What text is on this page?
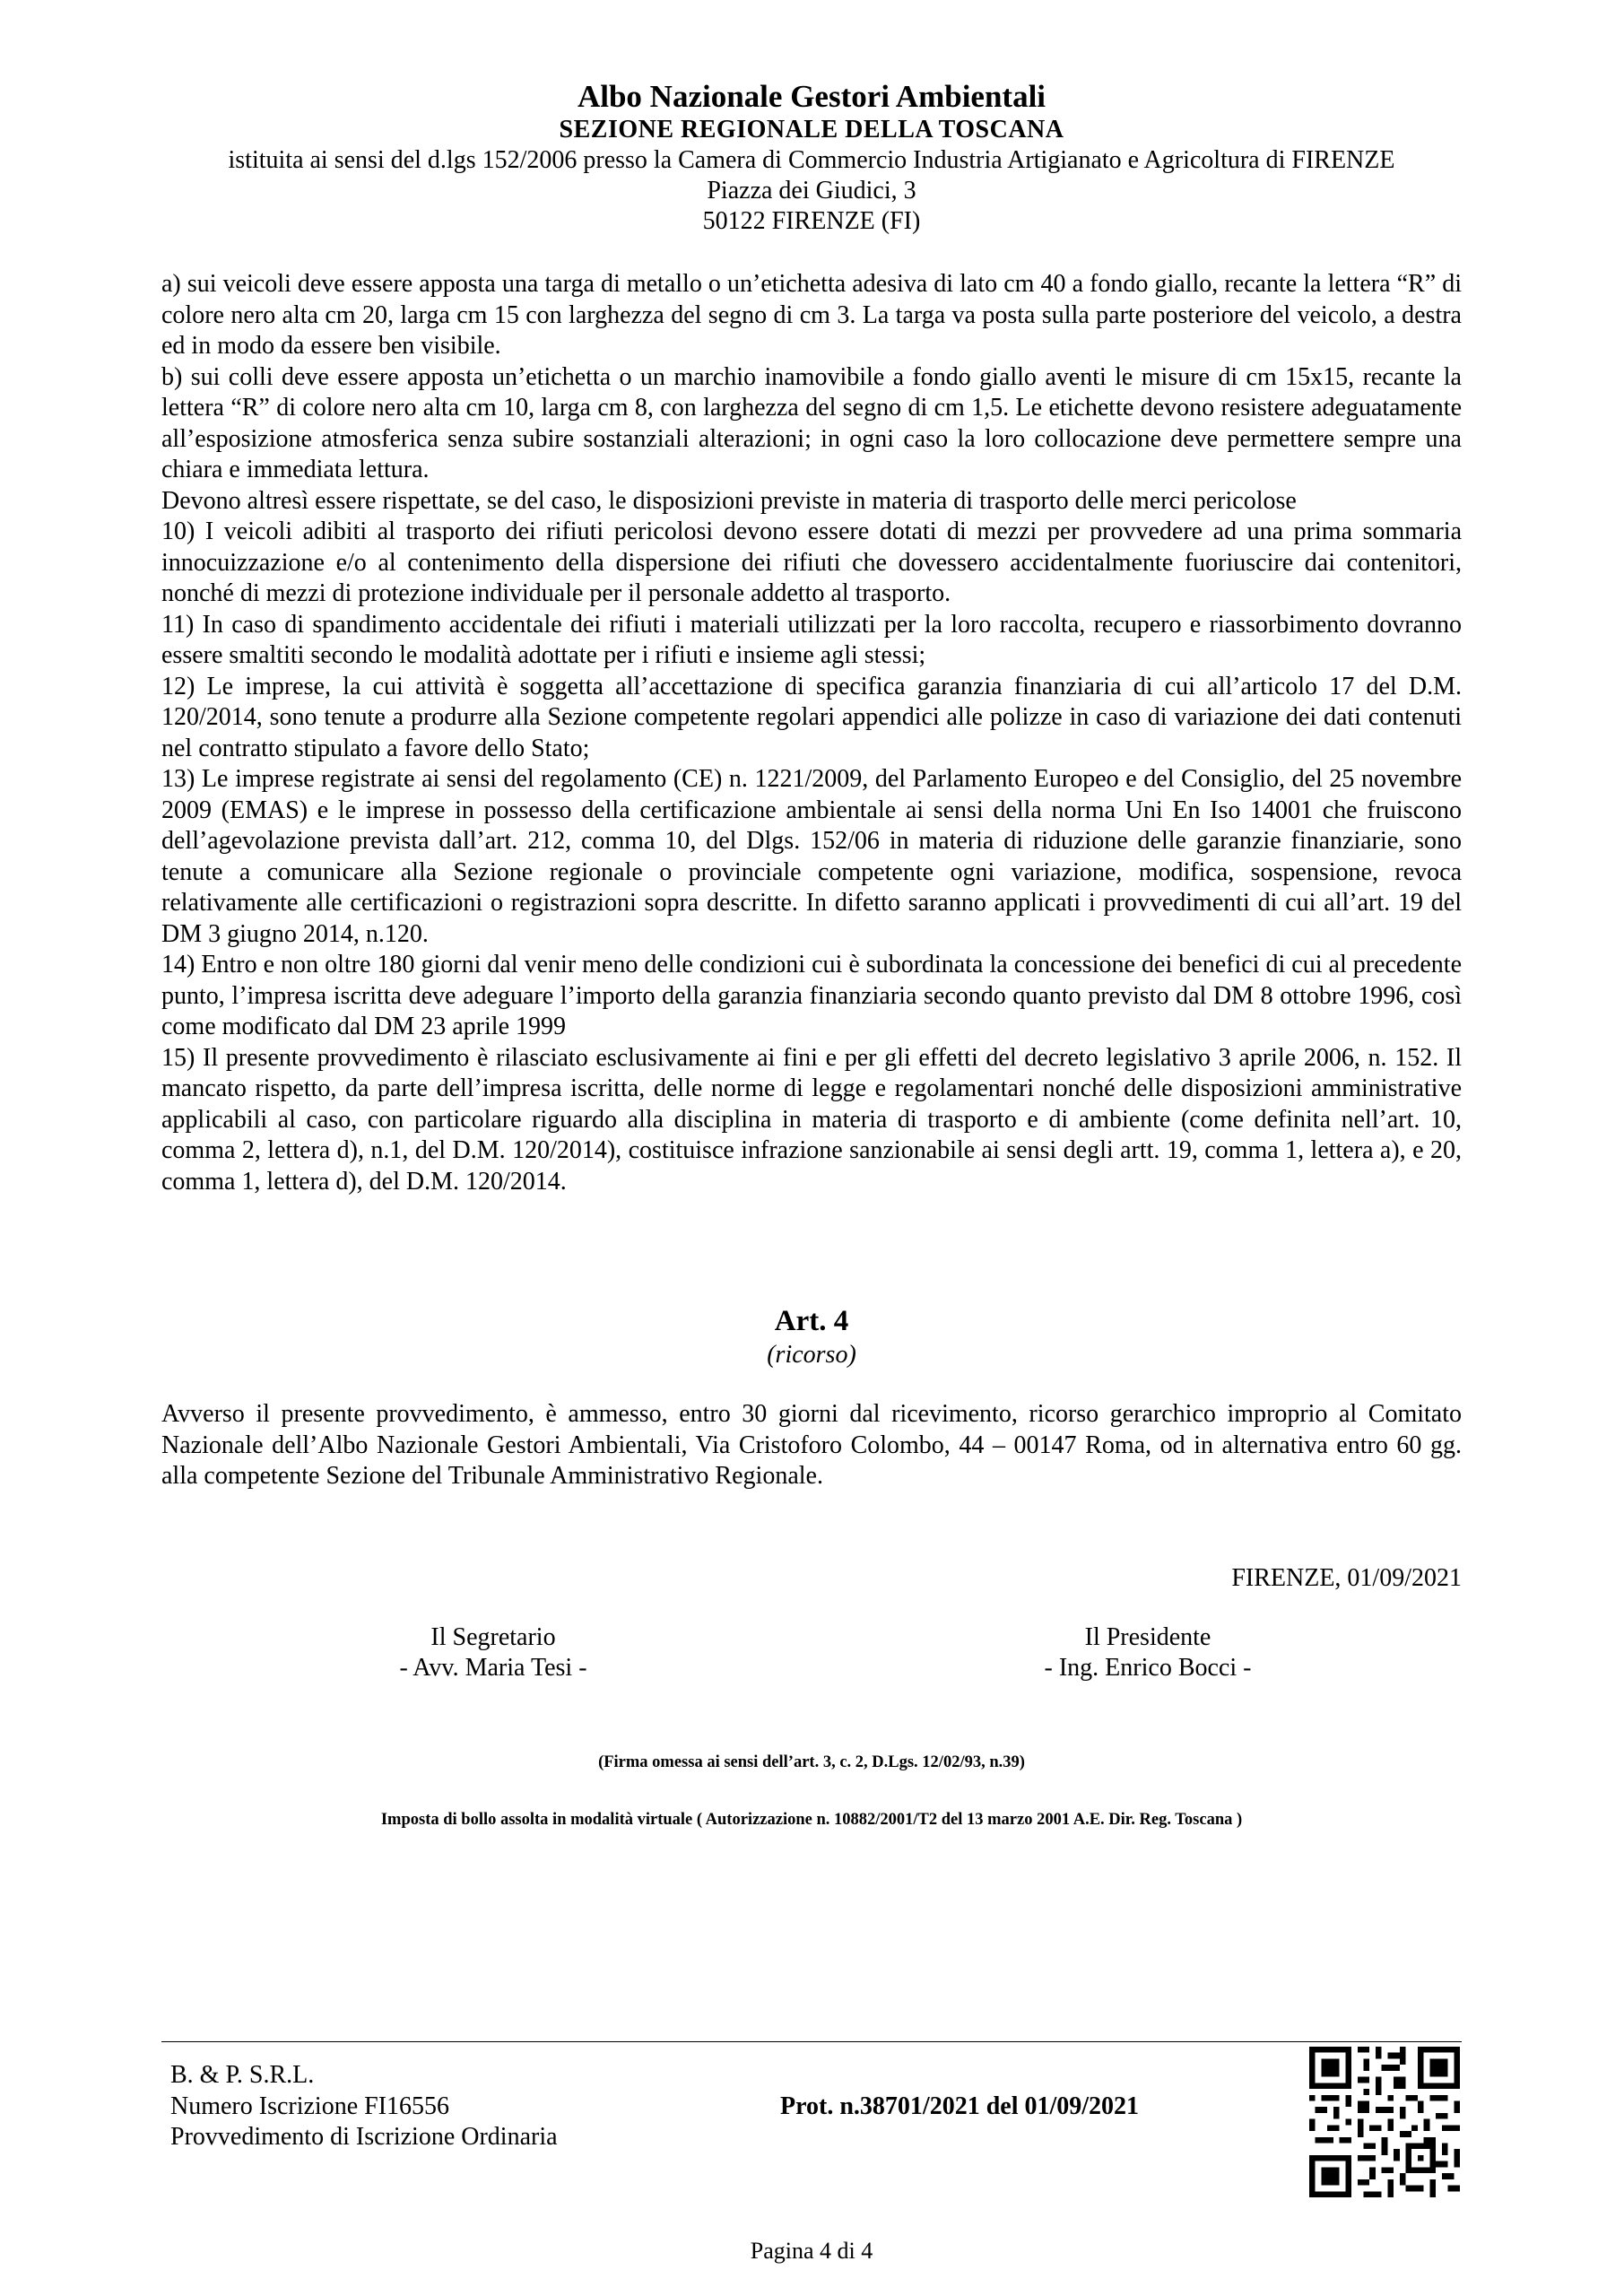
Albo Nazionale Gestori Ambientali
SEZIONE REGIONALE DELLA TOSCANA
istituita ai sensi del d.lgs 152/2006 presso la Camera di Commercio Industria Artigianato e Agricoltura di FIRENZE
Piazza dei Giudici, 3
50122 FIRENZE (FI)

a) sui veicoli deve essere apposta una targa di metallo o un’etichetta adesiva di lato cm 40 a fondo giallo, recante la lettera “R” di colore nero alta cm 20, larga cm 15 con larghezza del segno di cm 3. La targa va posta sulla parte posteriore del veicolo, a destra ed in modo da essere ben visibile.

b) sui colli deve essere apposta un’etichetta o un marchio inamovibile a fondo giallo aventi le misure di cm 15x15, recante la lettera “R” di colore nero alta cm 10, larga cm 8, con larghezza del segno di cm 1,5. Le etichette devono resistere adeguatamente all’esposizione atmosferica senza subire sostanziali alterazioni; in ogni caso la loro collocazione deve permettere sempre una chiara e immediata lettura.

Devono altresì essere rispettate, se del caso, le disposizioni previste in materia di trasporto delle merci pericolose

10) I veicoli adibiti al trasporto dei rifiuti pericolosi devono essere dotati di mezzi per provvedere ad una prima sommaria innocuizzazione e/o al contenimento della dispersione dei rifiuti che dovessero accidentalmente fuoriuscire dai contenitori, nonché di mezzi di protezione individuale per il personale addetto al trasporto.

11) In caso di spandimento accidentale dei rifiuti i materiali utilizzati per la loro raccolta, recupero e riassorbimento dovranno essere smaltiti secondo le modalità adottate per i rifiuti e insieme agli stessi;

12) Le imprese, la cui attività è soggetta all’accettazione di specifica garanzia finanziaria di cui all’articolo 17 del D.M. 120/2014, sono tenute a produrre alla Sezione competente regolari appendici alle polizze in caso di variazione dei dati contenuti nel contratto stipulato a favore dello Stato;

13) Le imprese registrate ai sensi del regolamento (CE) n. 1221/2009, del Parlamento Europeo e del Consiglio, del 25 novembre 2009 (EMAS) e le imprese in possesso della certificazione ambientale ai sensi della norma Uni En Iso 14001 che fruiscono dell’agevolazione prevista dall’art. 212, comma 10, del Dlgs. 152/06 in materia di riduzione delle garanzie finanziarie, sono tenute a comunicare alla Sezione regionale o provinciale competente ogni variazione, modifica, sospensione, revoca relativamente alle certificazioni o registrazioni sopra descritte. In difetto saranno applicati i provvedimenti di cui all’art. 19 del DM 3 giugno 2014, n.120.

14) Entro e non oltre 180 giorni dal venir meno delle condizioni cui è subordinata la concessione dei benefici di cui al precedente punto, l’impresa iscritta deve adeguare l’importo della garanzia finanziaria secondo quanto previsto dal DM 8 ottobre 1996, così come modificato dal DM 23 aprile 1999

15) Il presente provvedimento è rilasciato esclusivamente ai fini e per gli effetti del decreto legislativo 3 aprile 2006, n. 152. Il mancato rispetto, da parte dell’impresa iscritta, delle norme di legge e regolamentari nonché delle disposizioni amministrative applicabili al caso, con particolare riguardo alla disciplina in materia di trasporto e di ambiente (come definita nell’art. 10, comma 2, lettera d), n.1, del D.M. 120/2014), costituisce infrazione sanzionabile ai sensi degli artt. 19, comma 1, lettera a), e 20, comma 1, lettera d), del D.M. 120/2014.

Art. 4
(ricorso)

Avverso il presente provvedimento, è ammesso, entro 30 giorni dal ricevimento, ricorso gerarchico improprio al Comitato Nazionale dell’Albo Nazionale Gestori Ambientali, Via Cristoforo Colombo, 44 – 00147 Roma, od in alternativa entro 60 gg. alla competente Sezione del Tribunale Amministrativo Regionale.

FIRENZE, 01/09/2021
Il Segretario
- Avv. Maria Tesi -
Il Presidente
- Ing. Enrico Bocci -
(Firma omessa ai sensi dell’art. 3, c. 2, D.Lgs. 12/02/93, n.39)
Imposta di bollo assolta in modalità virtuale ( Autorizzazione n. 10882/2001/T2 del 13 marzo 2001 A.E. Dir. Reg. Toscana )

B. & P. S.R.L.

Numero Iscrizione FI16556

Provvedimento di Iscrizione Ordinaria

Prot. n.38701/2021 del 01/09/2021
Pagina 4 di 4
